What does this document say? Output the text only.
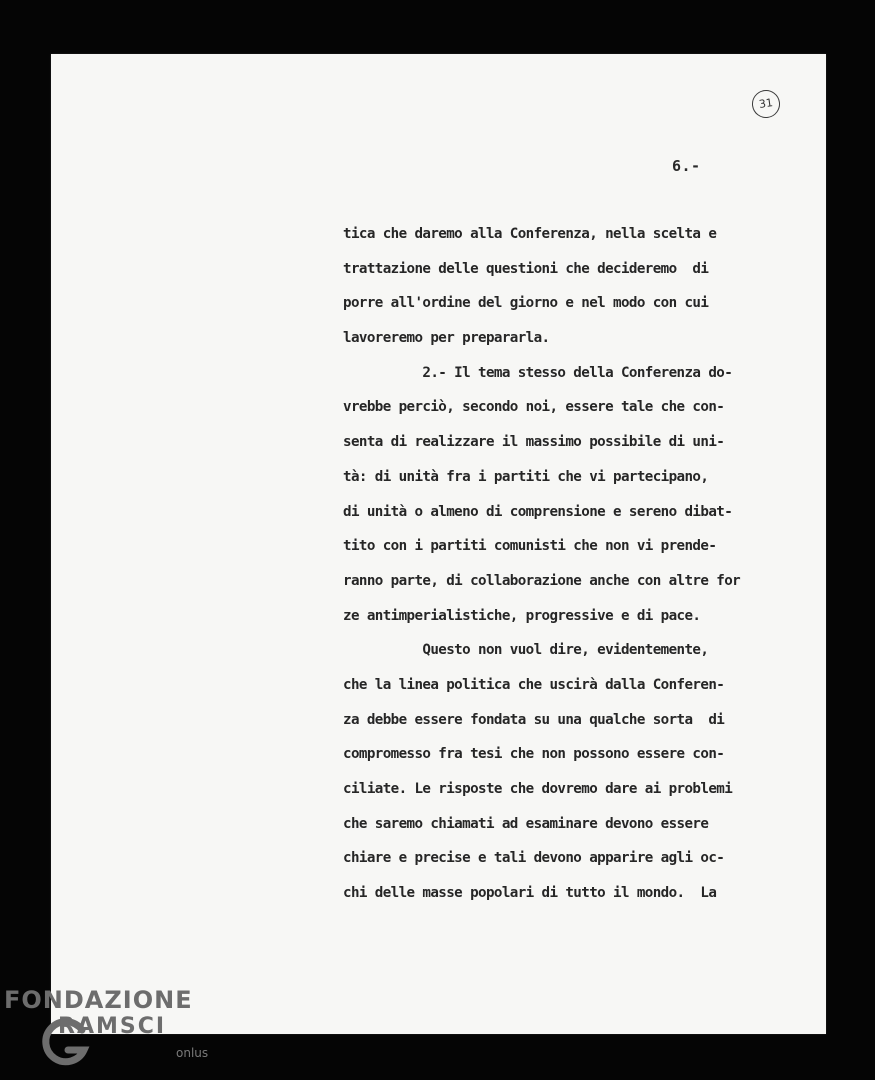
31
6.-
tica che daremo alla Conferenza, nella scelta e
trattazione delle questioni che decideremo  di
porre all'ordine del giorno e nel modo con cui
lavoreremo per prepararla.
2.- Il tema stesso della Conferenza do-
vrebbe perciò, secondo noi, essere tale che con-
senta di realizzare il massimo possibile di uni-
tà: di unità fra i partiti che vi partecipano,
di unità o almeno di comprensione e sereno dibat-
tito con i partiti comunisti che non vi prende-
ranno parte, di collaborazione anche con altre for
ze antimperialistiche, progressive e di pace.
Questo non vuol dire, evidentemente,
che la linea politica che uscirà dalla Conferen-
za debbe essere fondata su una qualche sorta  di
compromesso fra tesi che non possono essere con-
ciliate. Le risposte che dovremo dare ai problemi
che saremo chiamati ad esaminare devono essere
chiare e precise e tali devono apparire agli oc-
chi delle masse popolari di tutto il mondo.  La
FONDAZIONE
RAMSCI
onlus
